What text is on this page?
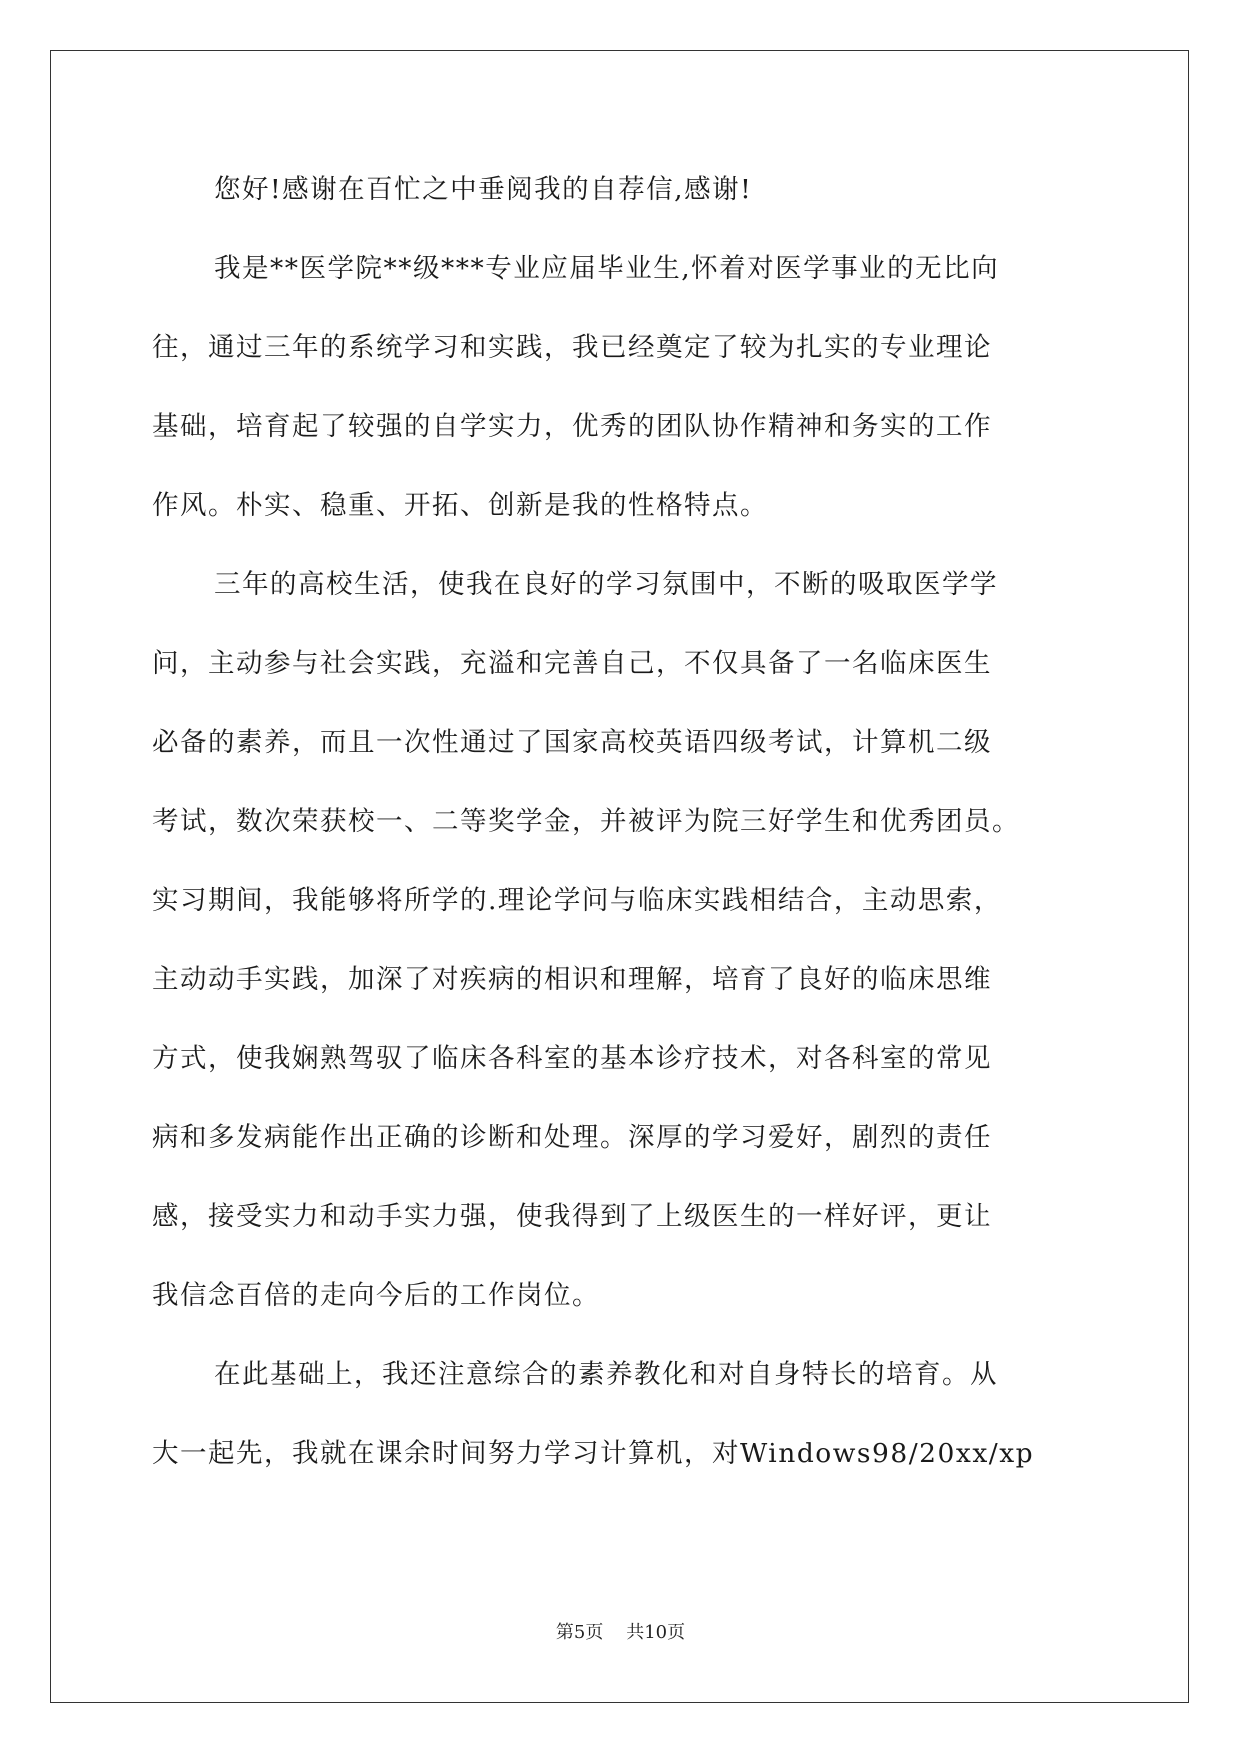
您好!感谢在百忙之中垂阅我的自荐信,感谢!
我是**医学院**级***专业应届毕业生,怀着对医学事业的无比向
往，通过三年的系统学习和实践，我已经奠定了较为扎实的专业理论
基础，培育起了较强的自学实力，优秀的团队协作精神和务实的工作
作风。朴实、稳重、开拓、创新是我的性格特点。
三年的高校生活，使我在良好的学习氛围中，不断的吸取医学学
问，主动参与社会实践，充溢和完善自己，不仅具备了一名临床医生
必备的素养，而且一次性通过了国家高校英语四级考试，计算机二级
考试，数次荣获校一、二等奖学金，并被评为院三好学生和优秀团员。
实习期间，我能够将所学的.理论学问与临床实践相结合，主动思索，
主动动手实践，加深了对疾病的相识和理解，培育了良好的临床思维
方式，使我娴熟驾驭了临床各科室的基本诊疗技术，对各科室的常见
病和多发病能作出正确的诊断和处理。深厚的学习爱好，剧烈的责任
感，接受实力和动手实力强，使我得到了上级医生的一样好评，更让
我信念百倍的走向今后的工作岗位。
在此基础上，我还注意综合的素养教化和对自身特长的培育。从
大一起先，我就在课余时间努力学习计算机，对Windows98/20xx/xp
第5页 共10页
